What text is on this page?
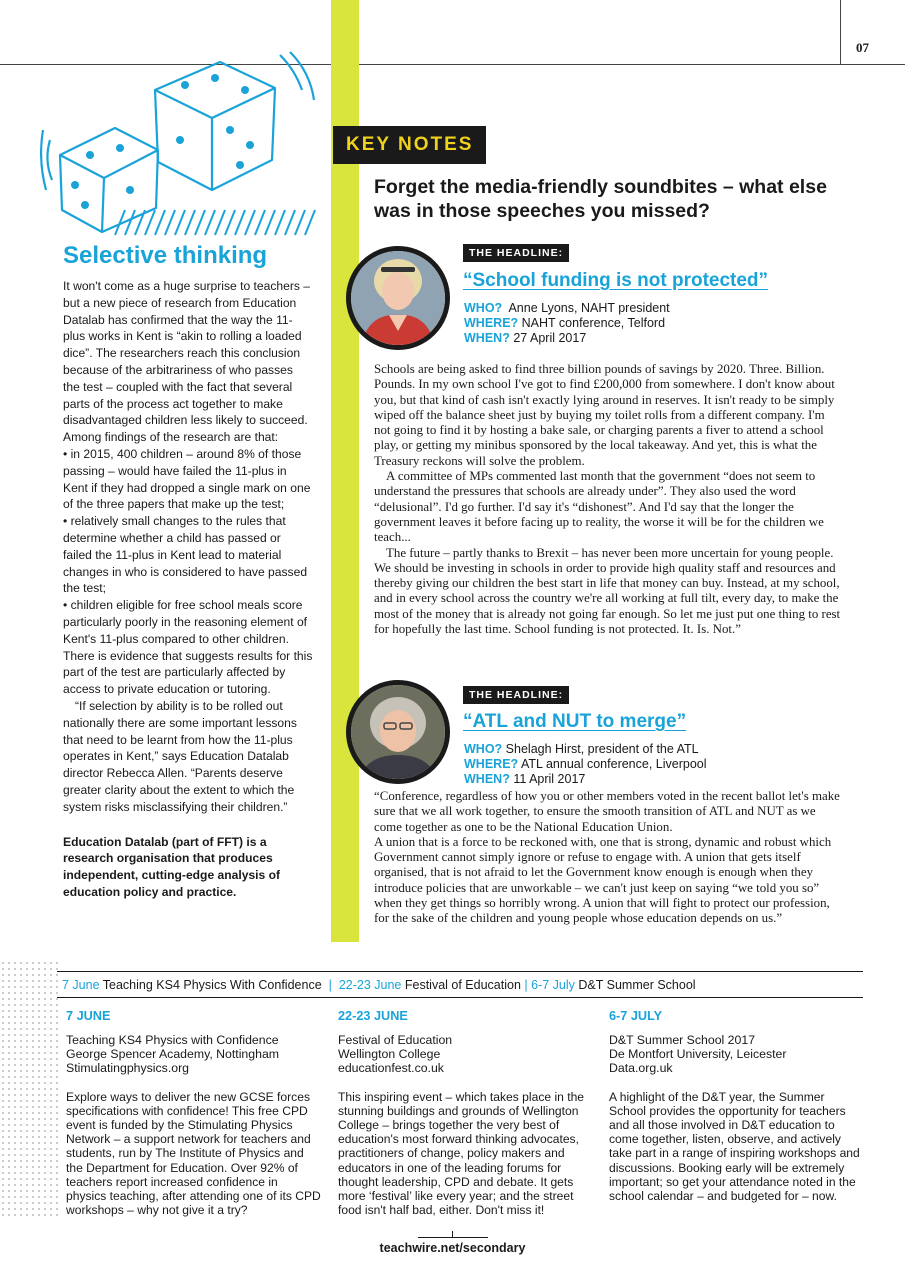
07
Selective thinking

It won't come as a huge surprise to teachers – but a new piece of research from Education Datalab has confirmed that the way the 11-plus works in Kent is “akin to rolling a loaded dice”. The researchers reach this conclusion because of the arbitrariness of who passes the test – coupled with the fact that several parts of the process act together to make disadvantaged children less likely to succeed. Among findings of the research are that:

• in 2015, 400 children – around 8% of those passing – would have failed the 11-plus in Kent if they had dropped a single mark on one of the three papers that make up the test;

• relatively small changes to the rules that determine whether a child has passed or failed the 11-plus in Kent lead to material changes in who is considered to have passed the test;

• children eligible for free school meals score particularly poorly in the reasoning element of Kent's 11-plus compared to other children. There is evidence that suggests results for this part of the test are particularly affected by access to private education or tutoring.

“If selection by ability is to be rolled out nationally there are some important lessons that need to be learnt from how the 11-plus operates in Kent,” says Education Datalab director Rebecca Allen. “Parents deserve greater clarity about the extent to which the system risks misclassifying their children.”

Education Datalab (part of FFT) is a research organisation that produces independent, cutting-edge analysis of education policy and practice.
KEY NOTES
Forget the media-friendly soundbites – what else was in those speeches you missed?
THE HEADLINE:
“School funding is not protected”
WHO? Anne Lyons, NAHT president
WHERE? NAHT conference, Telford
WHEN? 27 April 2017

Schools are being asked to find three billion pounds of savings by 2020. Three. Billion. Pounds. In my own school I've got to find £200,000 from somewhere. I don't know about you, but that kind of cash isn't exactly lying around in reserves. It isn't ready to be simply wiped off the balance sheet just by buying my toilet rolls from a different company. I'm not going to find it by hosting a bake sale, or charging parents a fiver to attend a school play, or getting my minibus sponsored by the local takeaway. And yet, this is what the Treasury reckons will solve the problem.

A committee of MPs commented last month that the government “does not seem to understand the pressures that schools are already under”. They also used the word “delusional”. I'd go further. I'd say it's “dishonest”. And I'd say that the longer the government leaves it before facing up to reality, the worse it will be for the children we teach...

The future – partly thanks to Brexit – has never been more uncertain for young people. We should be investing in schools in order to provide high quality staff and resources and thereby giving our children the best start in life that money can buy. Instead, at my school, and in every school across the country we're all working at full tilt, every day, to make the most of the money that is already not going far enough. So let me just put one thing to rest for hopefully the last time. School funding is not protected. It. Is. Not.”

THE HEADLINE:
“ATL and NUT to merge”
WHO? Shelagh Hirst, president of the ATL
WHERE? ATL annual conference, Liverpool
WHEN? 11 April 2017

“Conference, regardless of how you or other members voted in the recent ballot let's make sure that we all work together, to ensure the smooth transition of ATL and NUT as we come together as one to be the National Education Union.

A union that is a force to be reckoned with, one that is strong, dynamic and robust which Government cannot simply ignore or refuse to engage with. A union that gets itself organised, that is not afraid to let the Government know enough is enough when they introduce policies that are unworkable – we can't just keep on saying “we told you so” when they get things so horribly wrong. A union that will fight to protect our profession, for the sake of the children and young people whose education depends on us.”

7 June Teaching KS4 Physics With Confidence | 22-23 June Festival of Education | 6-7 July D&T Summer School
7 JUNE
Teaching KS4 Physics with Confidence
George Spencer Academy, Nottingham
Stimulatingphysics.org
Explore ways to deliver the new GCSE forces specifications with confidence! This free CPD event is funded by the Stimulating Physics Network – a support network for teachers and students, run by The Institute of Physics and the Department for Education. Over 92% of teachers report increased confidence in physics teaching, after attending one of its CPD workshops – why not give it a try?
22-23 JUNE
Festival of Education
Wellington College
educationfest.co.uk
This inspiring event – which takes place in the stunning buildings and grounds of Wellington College – brings together the very best of education's most forward thinking advocates, practitioners of change, policy makers and educators in one of the leading forums for thought leadership, CPD and debate. It gets more ‘festival’ like every year; and the street food isn't half bad, either. Don't miss it!
6-7 JULY
D&T Summer School 2017
De Montfort University, Leicester
Data.org.uk
A highlight of the D&T year, the Summer School provides the opportunity for teachers and all those involved in D&T education to come together, listen, observe, and actively take part in a range of inspiring workshops and discussions. Booking early will be extremely important; so get your attendance noted in the school calendar – and budgeted for – now.
teachwire.net/secondary
